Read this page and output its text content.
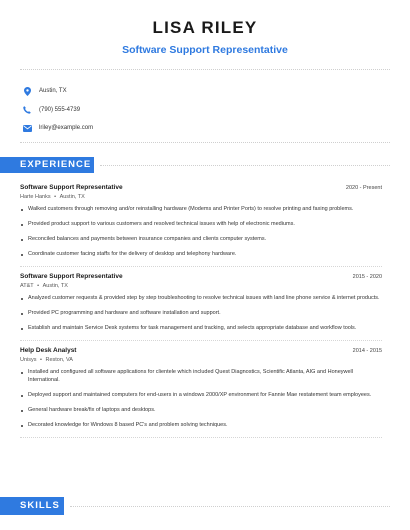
LISA RILEY
Software Support Representative
Austin, TX
(790) 555-4739
lriley@example.com
EXPERIENCE
Software Support Representative	2020 - Present
Harte Hanks • Austin, TX
Walked customers through removing and/or reinstalling hardware (Modems and Printer Ports) to resolve printing and faxing problems.
Provided product support to various customers and resolved technical issues with help of electronic mediums.
Reconciled balances and payments between insurance companies and clients computer systems.
Coordinate customer facing staffs for the delivery of desktop and telephony hardware.
Software Support Representative	2015 - 2020
AT&T • Austin, TX
Analyzed customer requests & provided step by step troubleshooting to resolve technical issues with land line phone service & internet products.
Provided PC programming and hardware and software installation and support.
Establish and maintain Service Desk systems for task management and tracking, and selects appropriate database and workflow tools.
Help Desk Analyst	2014 - 2015
Unisys • Reston, VA
Installed and configured all software applications for clientele which included Quest Diagnostics, Scientific Atlanta, AIG and Honeywell International.
Deployed support and maintained computers for end-users in a windows 2000/XP environment for Fannie Mae restatement team employees.
General hardware break/fix of laptops and desktops.
Decorated knowledge for Windows 8 based PC's and problem solving techniques.
SKILLS
